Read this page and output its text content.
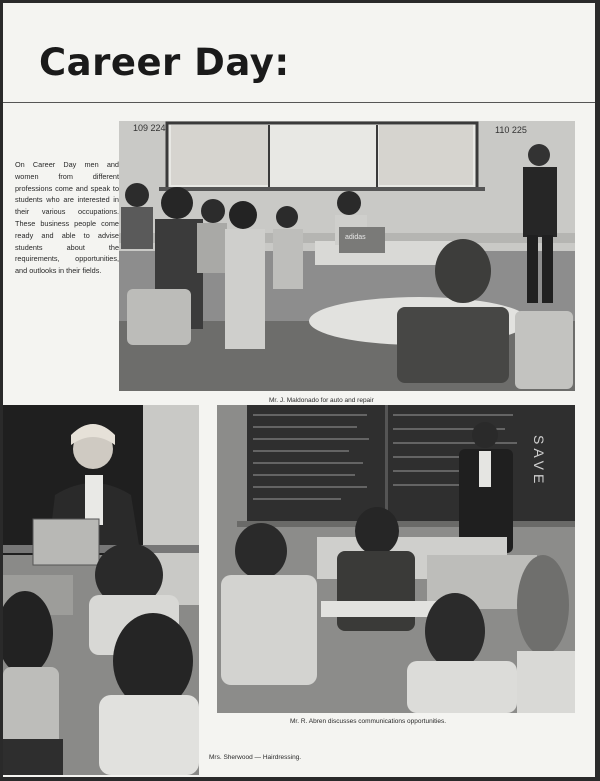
Career Day:

On Career Day men and women from different professions come and speak to students who are interested in their various occupations. These business people come ready and able to advise students about the requirements, opportunities, and outlooks in their fields.

109 224	110 225
adidas
Mr. J. Maldonado for auto and repair
Mrs. Sherwood — Hairdressing.
SAVE
Mr. R. Abren discusses communications opportunities.
